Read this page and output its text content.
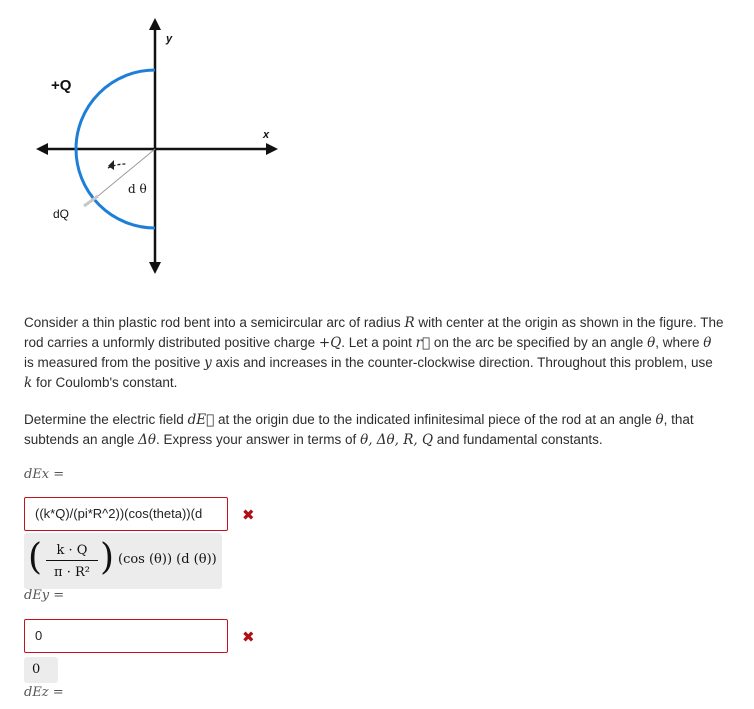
+Q
dQ
d θ
y
x
Consider a thin plastic rod bent into a semicircular arc of radius R with center at the origin as shown in the figure. The rod carries a unformly distributed positive charge +Q. Let a point r⃗ on the arc be specified by an angle θ, where θ is measured from the positive y axis and increases in the counter-clockwise direction. Throughout this problem, use k for Coulomb's constant.
Determine the electric field dE⃗ at the origin due to the indicated infinitesimal piece of the rod at an angle θ, that subtends an angle Δθ. Express your answer in terms of θ, Δθ, R, Q and fundamental constants.
dEx =
((k*Q)/(pi*R^2))(cos(theta))(d	✖
(	k · Q
π · R² ) (cos (θ)) (d (θ))
dEy =
0	✖
0
dEz =
